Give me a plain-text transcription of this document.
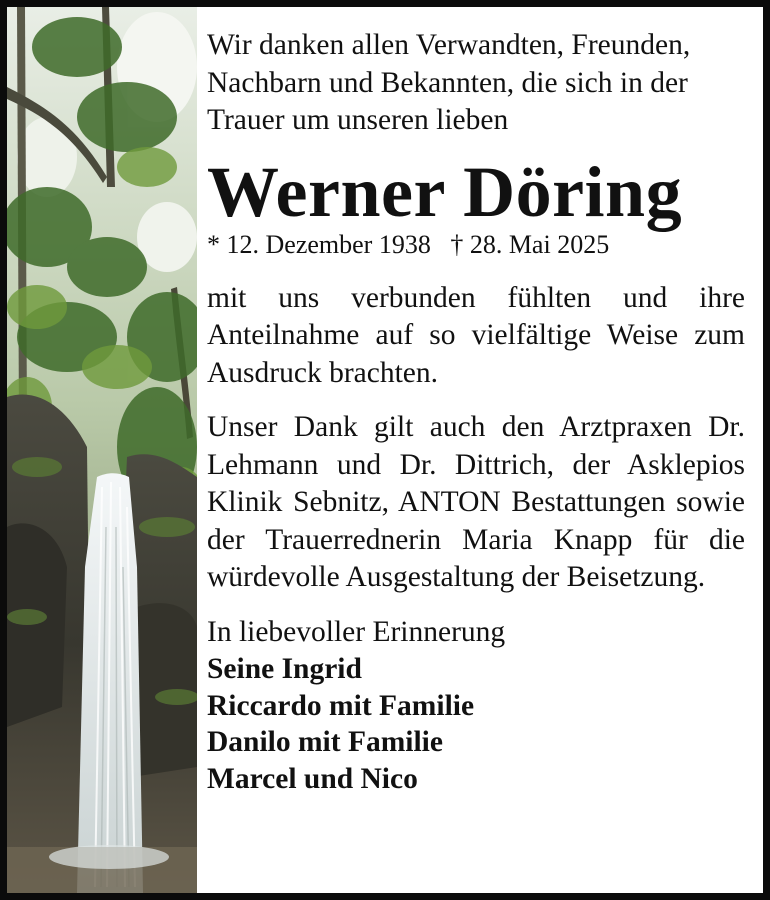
Wir danken allen Verwandten, Freunden, Nachbarn und Bekannten, die sich in der Trauer um unseren lieben

Werner Döring
* 12. Dezember 1938   † 28. Mai 2025

mit uns verbunden fühlten und ihre Anteilnahme auf so vielfältige Weise zum Ausdruck brachten.

Unser Dank gilt auch den Arztpraxen Dr. Lehmann und Dr. Dittrich, der Asklepios Klinik Sebnitz, ANTON Bestattungen sowie der Trauerrednerin Maria Knapp für die würdevolle Ausgestaltung der Beisetzung.

In liebevoller Erinnerung

Seine Ingrid

Riccardo mit Familie

Danilo mit Familie

Marcel und Nico
